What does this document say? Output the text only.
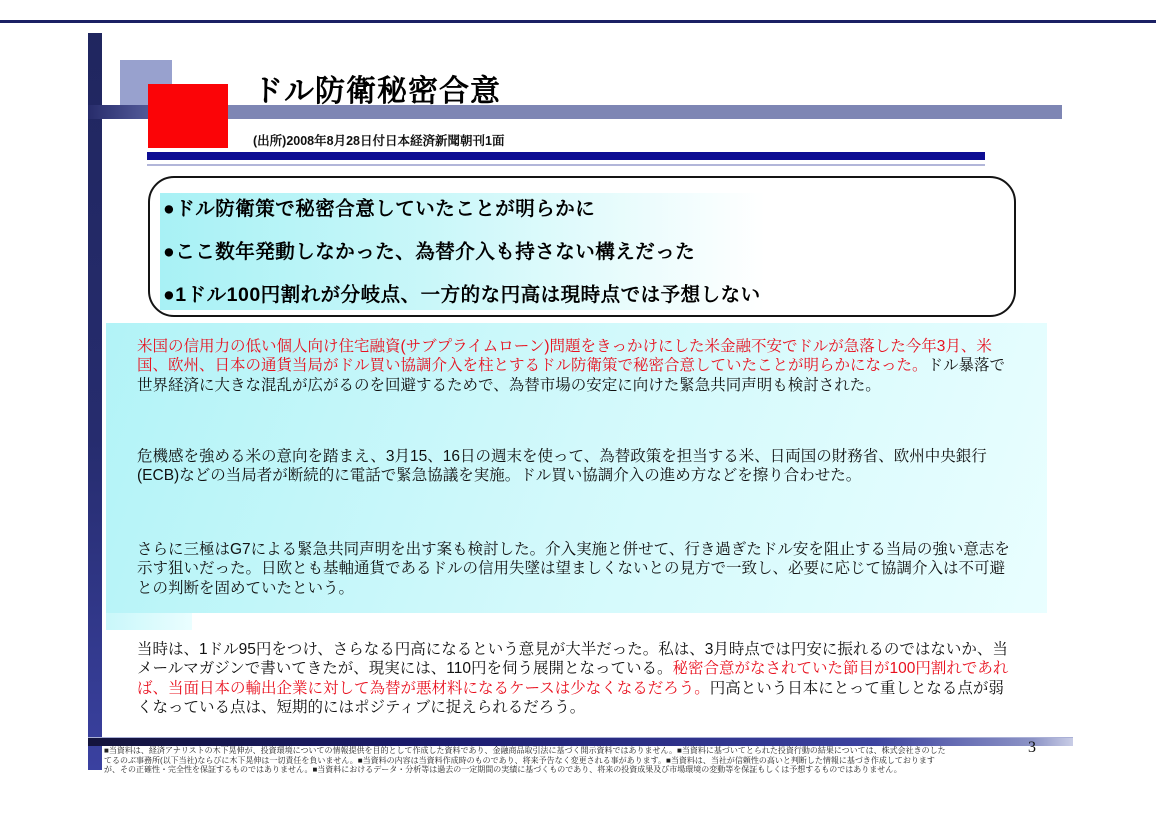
ドル防衛秘密合意
(出所)2008年8月28日付日本経済新聞朝刊1面
●ドル防衛策で秘密合意していたことが明らかに
●ここ数年発動しなかった、為替介入も持さない構えだった
●1ドル100円割れが分岐点、一方的な円高は現時点では予想しない
米国の信用力の低い個人向け住宅融資(サブプライムローン)問題をきっかけにした米金融不安でドルが急落した今年3月、米国、欧州、日本の通貨当局がドル買い協調介入を柱とするドル防衛策で秘密合意していたことが明らかになった。ドル暴落で世界経済に大きな混乱が広がるのを回避するためで、為替市場の安定に向けた緊急共同声明も検討された。
危機感を強める米の意向を踏まえ、3月15、16日の週末を使って、為替政策を担当する米、日両国の財務省、欧州中央銀行(ECB)などの当局者が断続的に電話で緊急協議を実施。ドル買い協調介入の進め方などを擦り合わせた。
さらに三極はG7による緊急共同声明を出す案も検討した。介入実施と併せて、行き過ぎたドル安を阻止する当局の強い意志を示す狙いだった。日欧とも基軸通貨であるドルの信用失墜は望ましくないとの見方で一致し、必要に応じて協調介入は不可避との判断を固めていたという。
当時は、1ドル95円をつけ、さらなる円高になるという意見が大半だった。私は、3月時点では円安に振れるのではないか、当メールマガジンで書いてきたが、現実には、110円を伺う展開となっている。秘密合意がなされていた節目が100円割れであれば、当面日本の輸出企業に対して為替が悪材料になるケースは少なくなるだろう。円高という日本にとって重しとなる点が弱くなっている点は、短期的にはポジティブに捉えられるだろう。
■当資料は、経済アナリストの木下晃伸が、投資環境についての情報提供を目的として作成した資料であり、金融商品取引法に基づく開示資料ではありません。■当資料に基づいてとられた投資行動の結果については、株式会社きのした
てるのぶ事務所(以下当社)ならびに木下晃伸は一切責任を負いません。■当資料の内容は当資料作成時のものであり、将来予告なく変更される事があります。■当資料は、当社が信頼性の高いと判断した情報に基づき作成しております
が、その正確性・完全性を保証するものではありません。■当資料におけるデータ・分析等は過去の一定期間の実績に基づくものであり、将来の投資成果及び市場環境の変動等を保証もしくは予想するものではありません。
3
